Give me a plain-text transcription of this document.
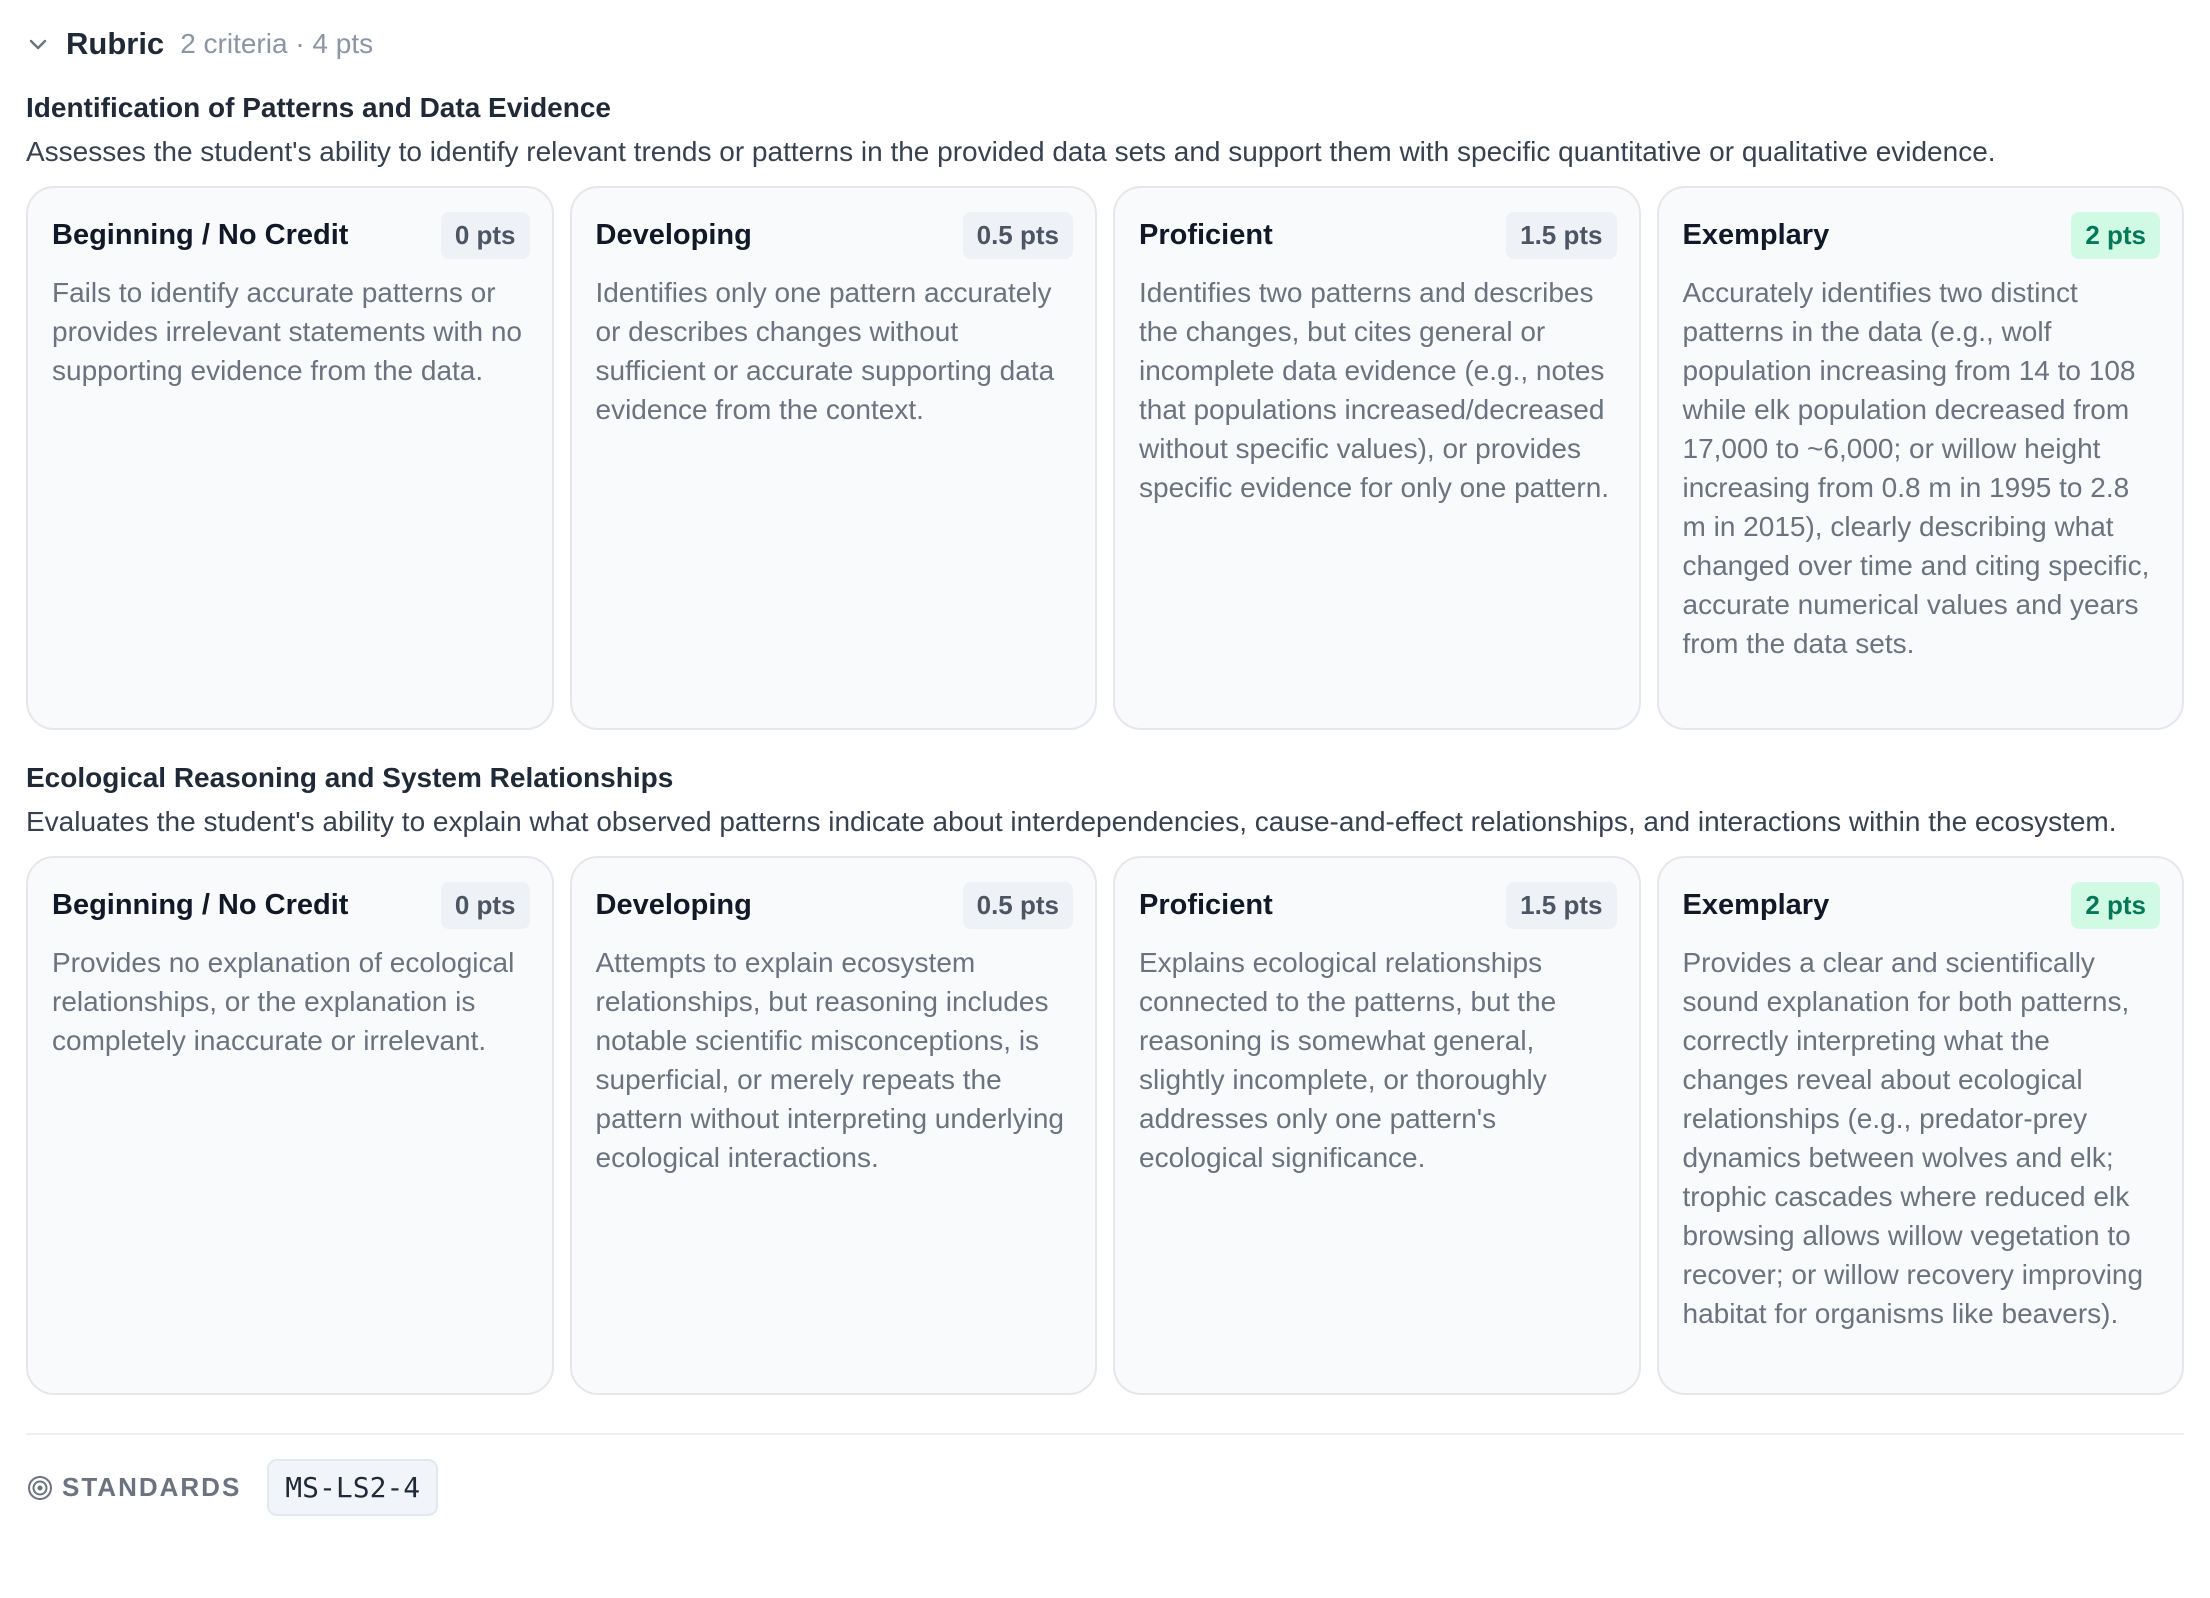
Rubric 2 criteria · 4 pts
Identification of Patterns and Data Evidence
Assesses the student's ability to identify relevant trends or patterns in the provided data sets and support them with specific quantitative or qualitative evidence.
Beginning / No Credit	0 pts
Fails to identify accurate patterns or provides irrelevant statements with no supporting evidence from the data.
Developing	0.5 pts
Identifies only one pattern accurately or describes changes without sufficient or accurate supporting data evidence from the context.
Proficient	1.5 pts
Identifies two patterns and describes the changes, but cites general or incomplete data evidence (e.g., notes that populations increased/decreased without specific values), or provides specific evidence for only one pattern.
Exemplary	2 pts
Accurately identifies two distinct patterns in the data (e.g., wolf population increasing from 14 to 108 while elk population decreased from 17,000 to ~6,000; or willow height increasing from 0.8 m in 1995 to 2.8 m in 2015), clearly describing what changed over time and citing specific, accurate numerical values and years from the data sets.
Ecological Reasoning and System Relationships
Evaluates the student's ability to explain what observed patterns indicate about interdependencies, cause-and-effect relationships, and interactions within the ecosystem.
Beginning / No Credit	0 pts
Provides no explanation of ecological relationships, or the explanation is completely inaccurate or irrelevant.
Developing	0.5 pts
Attempts to explain ecosystem relationships, but reasoning includes notable scientific misconceptions, is superficial, or merely repeats the pattern without interpreting underlying ecological interactions.
Proficient	1.5 pts
Explains ecological relationships connected to the patterns, but the reasoning is somewhat general, slightly incomplete, or thoroughly addresses only one pattern's ecological significance.
Exemplary	2 pts
Provides a clear and scientifically sound explanation for both patterns, correctly interpreting what the changes reveal about ecological relationships (e.g., predator-prey dynamics between wolves and elk; trophic cascades where reduced elk browsing allows willow vegetation to recover; or willow recovery improving habitat for organisms like beavers).
STANDARDS	MS-LS2-4
